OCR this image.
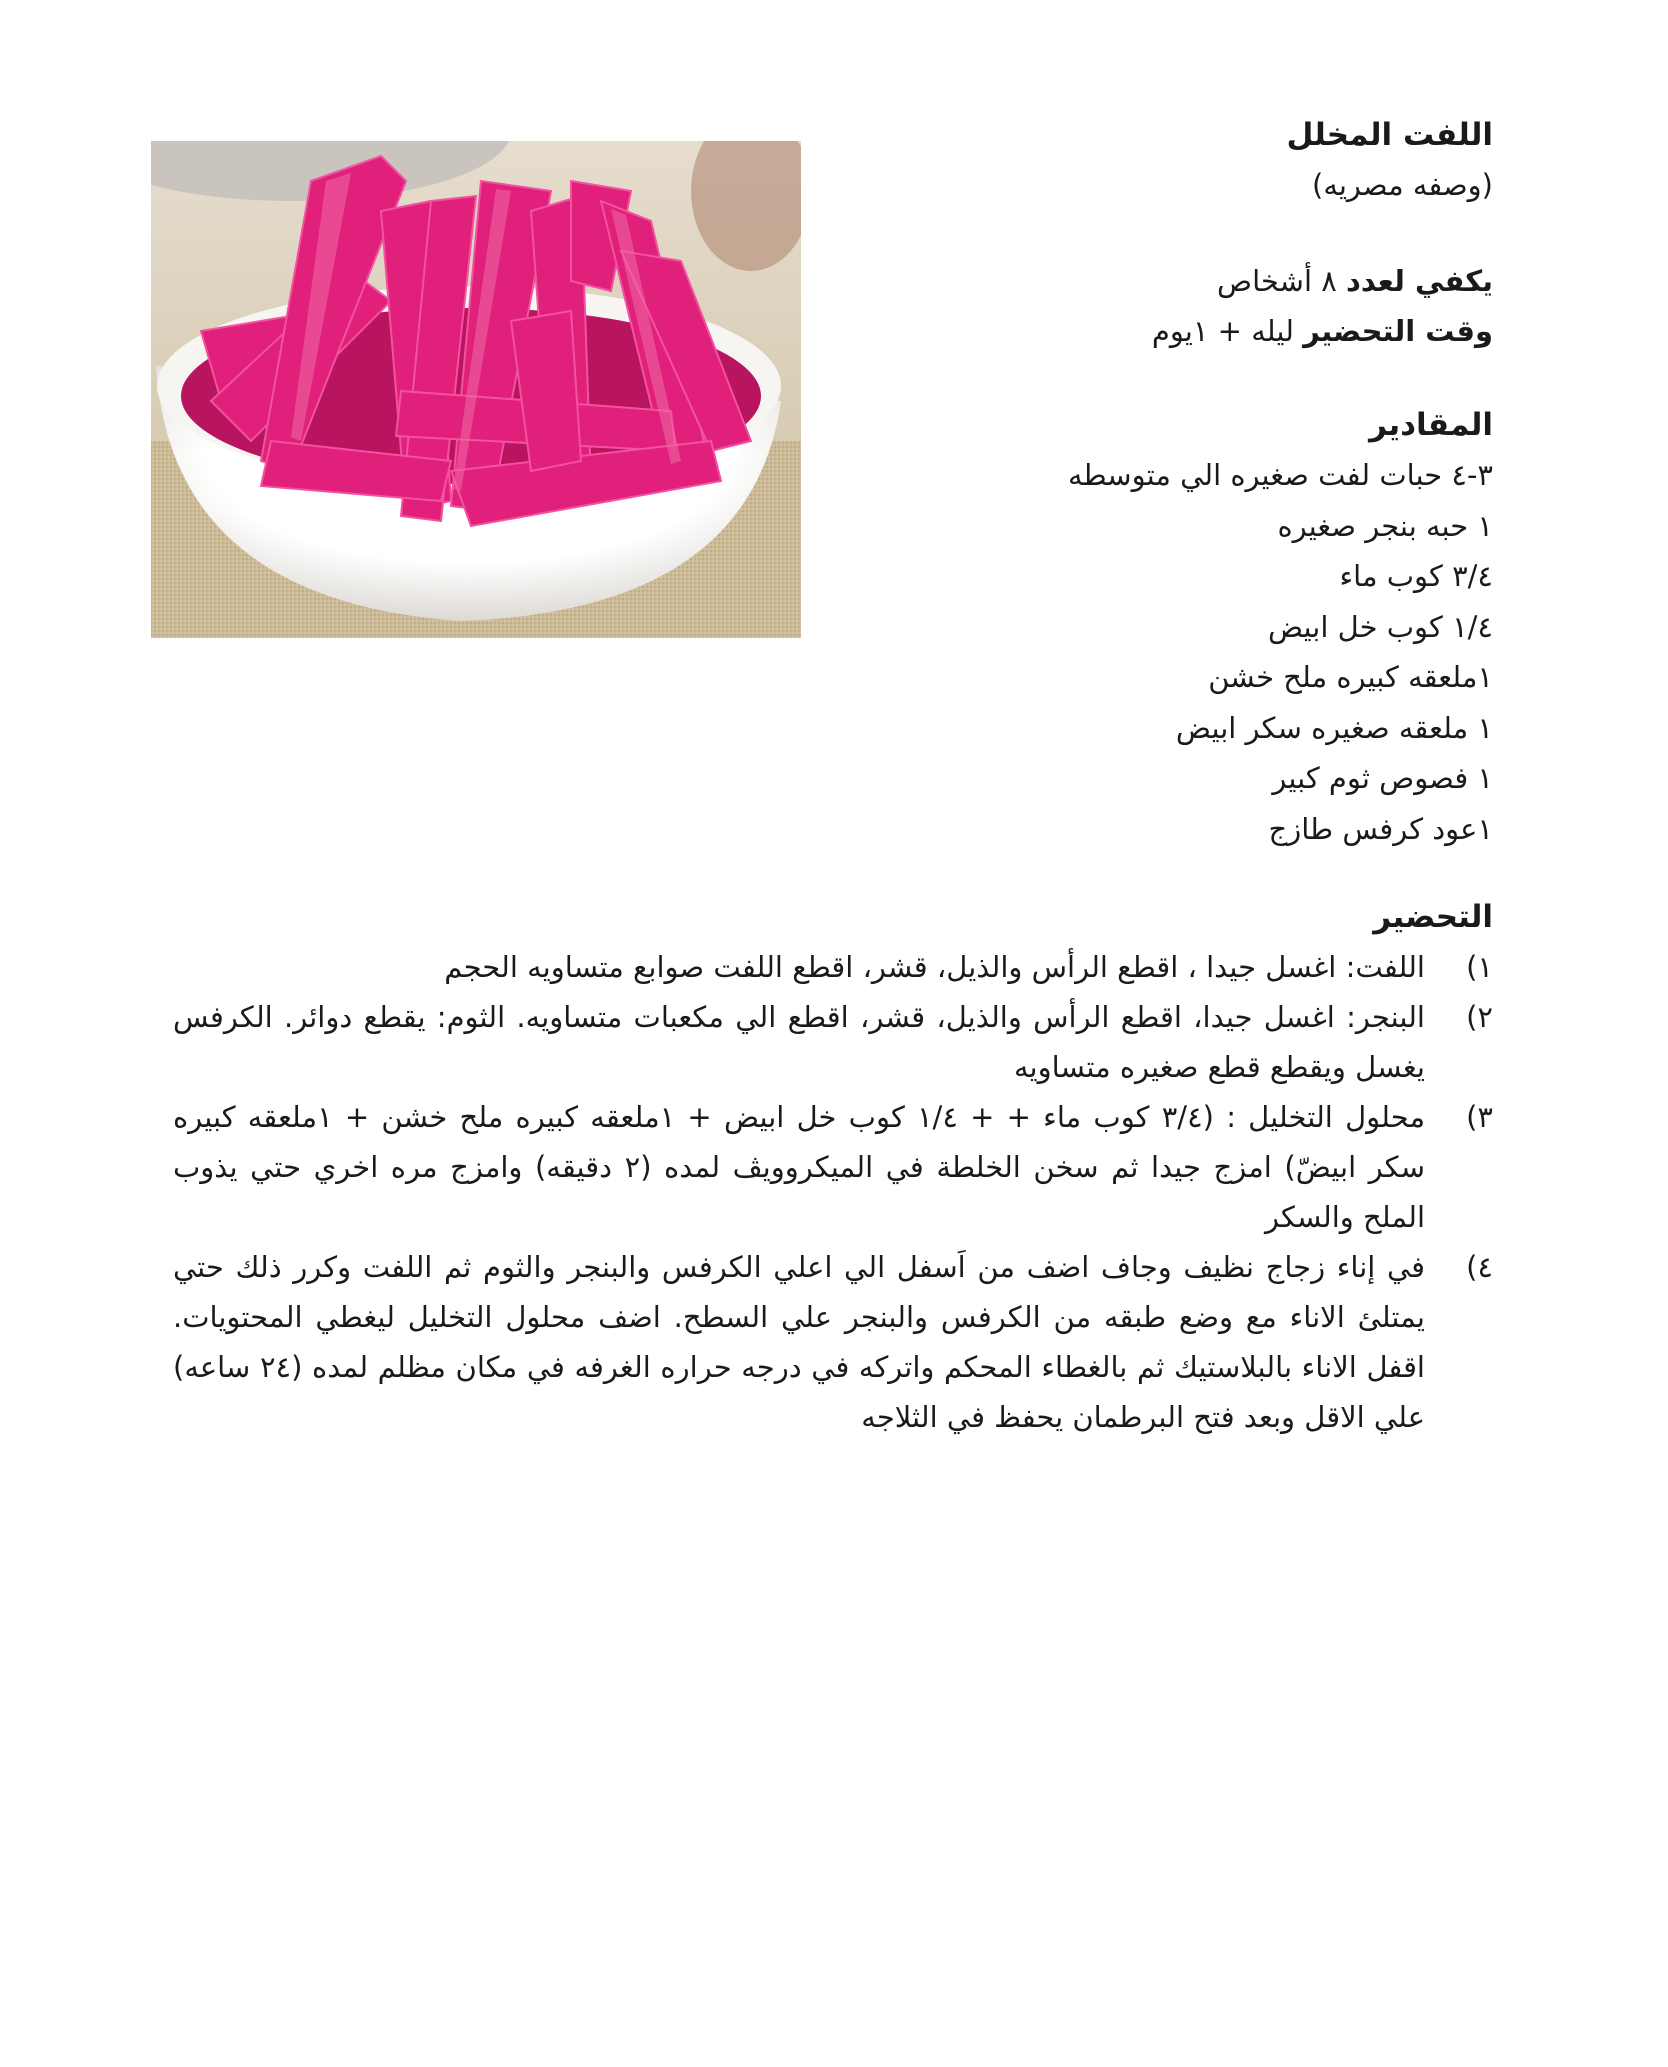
اللفت المخلل
(وصفه مصريه)
يكفي لعدد ٨ أشخاص
وقت التحضير ليله + ١يوم
المقادير
٣-٤ حبات لفت صغيره الي متوسطه
١ حبه بنجر صغيره
٣/٤ كوب ماء
١/٤ كوب خل ابيض
١ملعقه كبيره ملح خشن
١ ملعقه صغيره سكر ابيض
١ فصوص ثوم كبير
١عود كرفس طازج
التحضير
١)
اللفت: اغسل جيدا ، اقطع الرأس والذيل، قشر، اقطع اللفت صوابع متساويه الحجم
٢)
البنجر: اغسل جيدا، اقطع الرأس والذيل، قشر، اقطع الي مكعبات متساويه. الثوم: يقطع دوائر. الكرفس يغسل ويقطع قطع صغيره متساويه
٣)
محلول التخليل : (٣/٤ كوب ماء + + ١/٤ كوب خل ابيض + ١ملعقه كبيره ملح خشن + ١ملعقه كبيره سكر ابيضّ) امزج جيدا ثم سخن الخلطة في الميكروويڤ لمده (٢ دقيقه) وامزج مره اخري حتي يذوب الملح والسكر
٤)
في إناء زجاج نظيف وجاف اضف من اَسفل الي اعلي الكرفس والبنجر والثوم ثم اللفت وكرر ذلك حتي يمتلئ الاناء مع وضع طبقه من الكرفس والبنجر علي السطح. اضف محلول التخليل ليغطي المحتويات. اقفل الاناء بالبلاستيك ثم بالغطاء المحكم واتركه في درجه حراره الغرفه في مكان مظلم لمده (٢٤ ساعه) علي الاقل وبعد فتح البرطمان يحفظ في الثلاجه
